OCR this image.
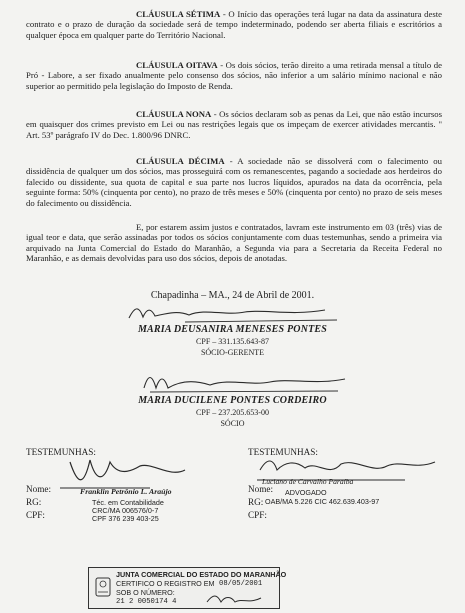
CLÁUSULA SÉTIMA - O Início das operações terá lugar na data da assinatura deste contrato e o prazo de duração da sociedade será de tempo indeterminado, podendo ser aberta filiais e escritórios a qualquer época em qualquer parte do Território Nacional.
CLÁUSULA OITAVA - Os dois sócios, terão direito a uma retirada mensal a título de Pró - Labore, a ser fixado anualmente pelo consenso dos sócios, não inferior a um salário mínimo nacional e não superior ao permitido pela legislação do Imposto de Renda.
CLÁUSULA NONA - Os sócios declaram sob as penas da Lei, que não estão incursos em quaisquer dos crimes previsto em Lei ou nas restrições legais que os impeçam de exercer atividades mercantis. " Art. 53º parágrafo IV do Dec. 1.800/96 DNRC.
CLÁUSULA DÉCIMA - A sociedade não se dissolverá com o falecimento ou dissidência de qualquer um dos sócios, mas prosseguirá com os remanescentes, pagando a sociedade aos herdeiros do falecido ou dissidente, sua quota de capital e sua parte nos lucros líquidos, apurados na data da ocorrência, pela seguinte forma: 50% (cinquenta por cento), no prazo de três meses e 50% (cinquenta por cento) no prazo de seis meses do falecimento ou dissidência.
E, por estarem assim justos e contratados, lavram este instrumento em 03 (três) vias de igual teor e data, que serão assinadas por todos os sócios conjuntamente com duas testemunhas, sendo a primeira via arquivado na Junta Comercial do Estado do Maranhão, a Segunda via para a Secretaria da Receita Federal no Maranhão, e as demais devolvidas para uso dos sócios, depois de anotadas.
Chapadinha – MA., 24 de Abril de 2001.
MARIA DEUSANIRA MENESES PONTES
CPF – 331.135.643-87
SÓCIO-GERENTE
MARIA DUCILENE PONTES CORDEIRO
CPF – 237.205.653-00
SÓCIO
TESTEMUNHAS:
Nome:
RG:
CPF:
Franklin Petrônio L. Araújo
Téc. em Contabilidade
CRC/MA 006576/0-7
CPF 376 239 403-25
TESTEMUNHAS:
Nome:
RG:
CPF:
Luciano de Carvalho Paraíba
ADVOGADO
OAB/MA 5.226 CIC 462.639.403-97
JUNTA COMERCIAL DO ESTADO DO MARANHÃO
CERTIFICO O REGISTRO EM 08/05/2001
SOB O NÚMERO:
21 2 0050174 4
